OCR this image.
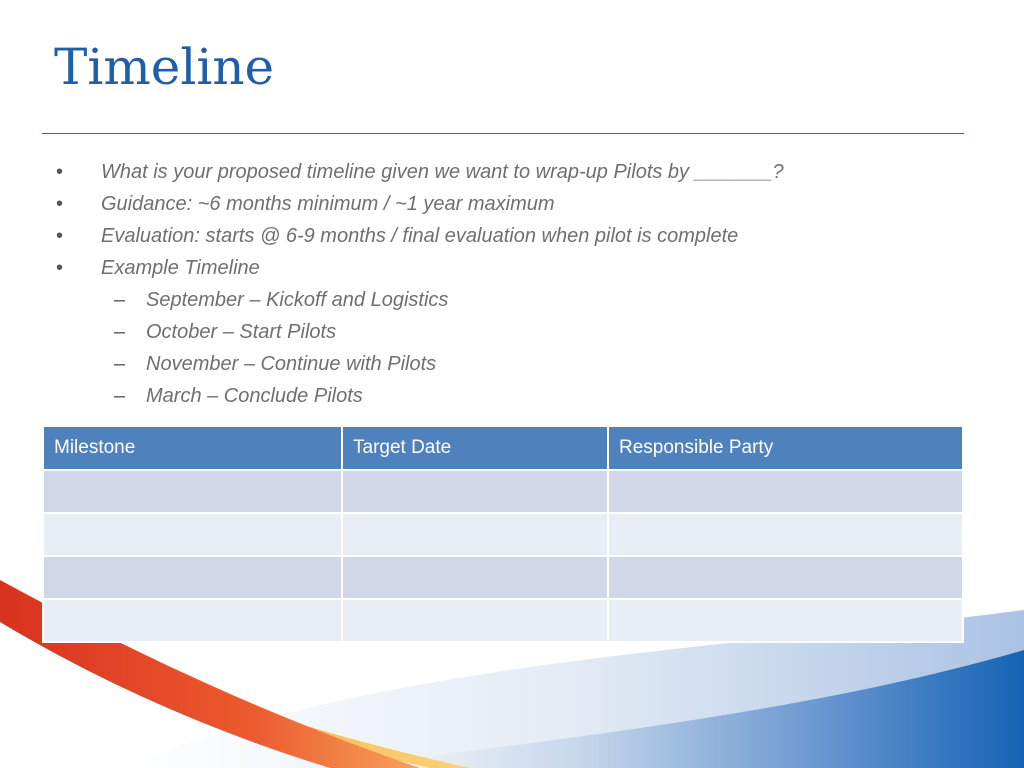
Timeline
• What is your proposed timeline given we want to wrap-up Pilots by _______?
• Guidance: ~6 months minimum / ~1 year maximum
• Evaluation: starts @ 6-9 months / final evaluation when pilot is complete
• Example Timeline
– September – Kickoff and Logistics
– October – Start Pilots
– November – Continue with Pilots
– March – Conclude Pilots
Milestone	Target Date	Responsible Party
